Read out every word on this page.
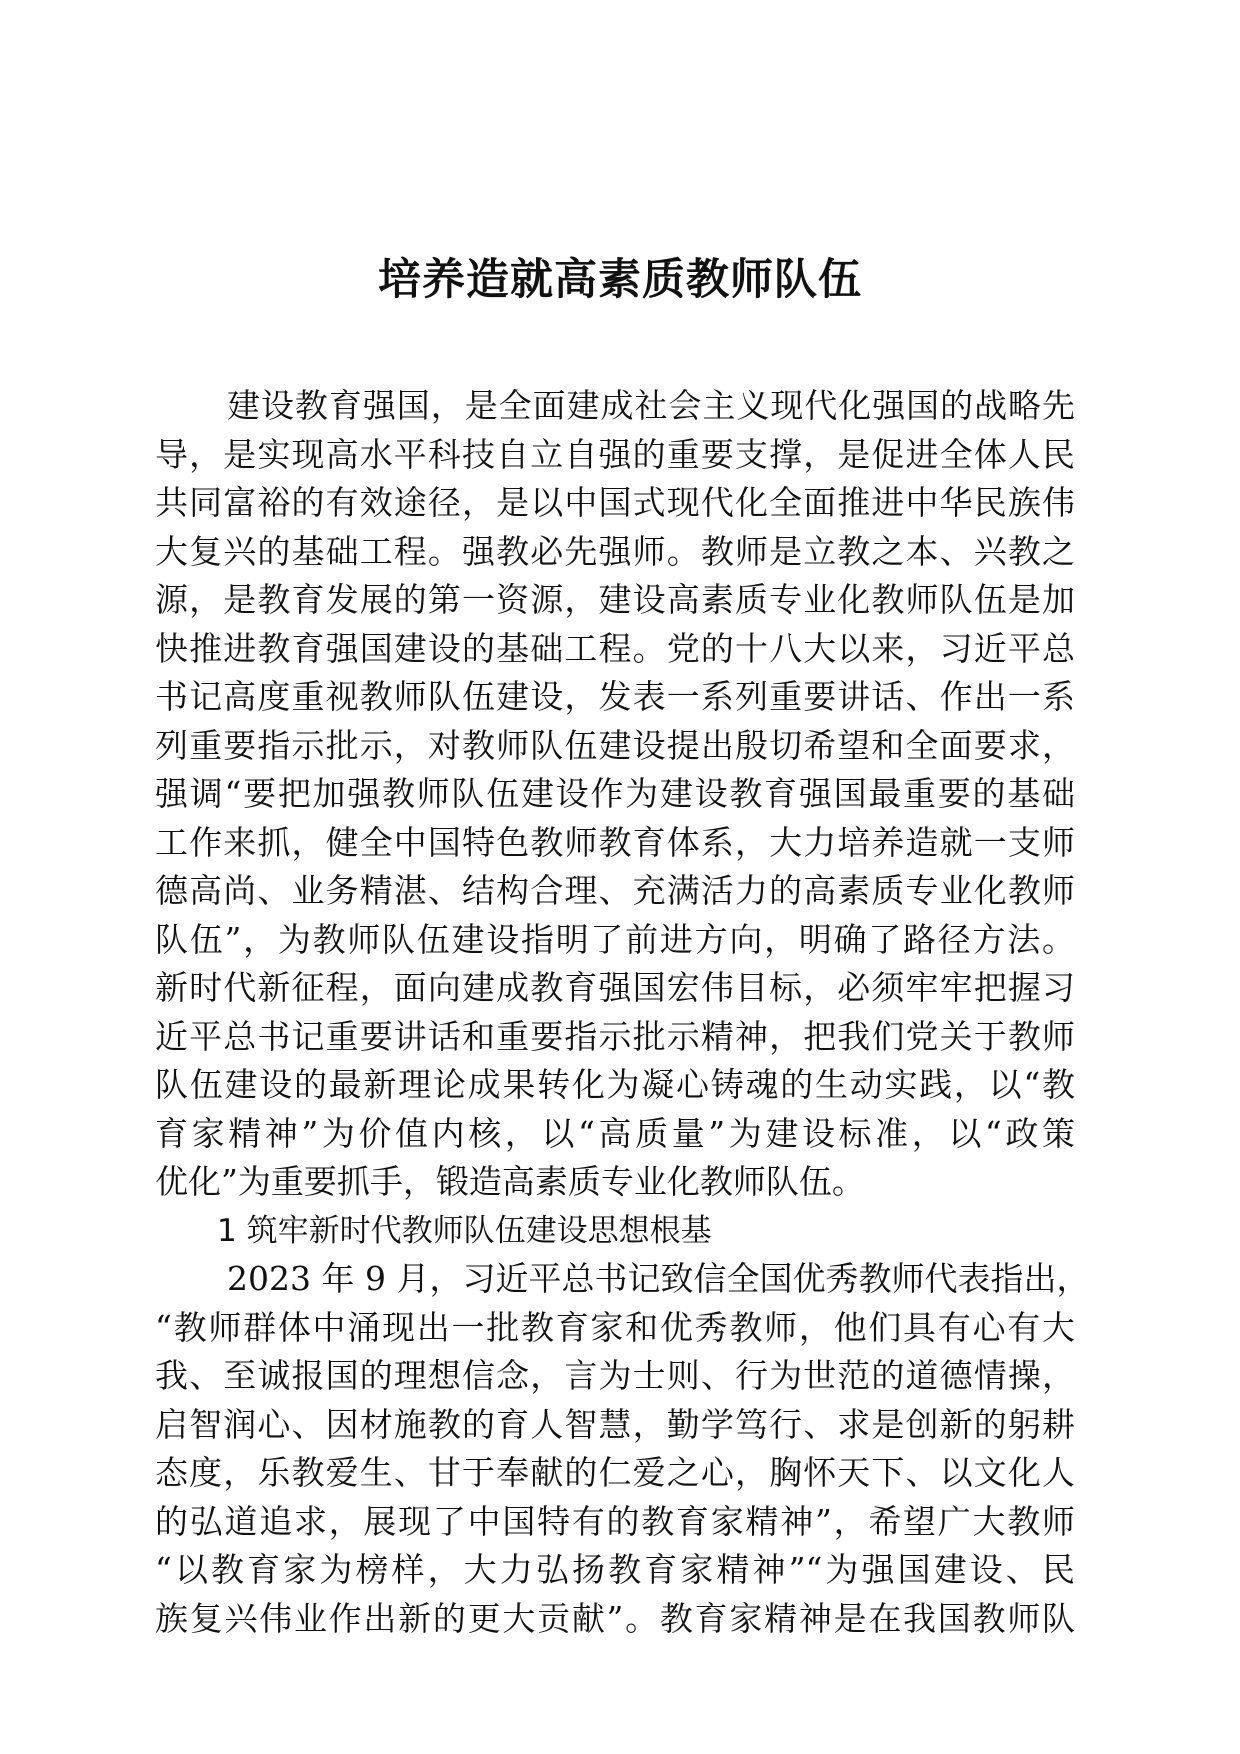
培养造就高素质教师队伍
建设教育强国，是全面建成社会主义现代化强国的战略先
导，是实现高水平科技自立自强的重要支撑，是促进全体人民
共同富裕的有效途径，是以中国式现代化全面推进中华民族伟
大复兴的基础工程。强教必先强师。教师是立教之本、兴教之
源，是教育发展的第一资源，建设高素质专业化教师队伍是加
快推进教育强国建设的基础工程。党的十八大以来，习近平总
书记高度重视教师队伍建设，发表一系列重要讲话、作出一系
列重要指示批示，对教师队伍建设提出殷切希望和全面要求，
强调“要把加强教师队伍建设作为建设教育强国最重要的基础
工作来抓，健全中国特色教师教育体系，大力培养造就一支师
德高尚、业务精湛、结构合理、充满活力的高素质专业化教师
队伍”，为教师队伍建设指明了前进方向，明确了路径方法。
新时代新征程，面向建成教育强国宏伟目标，必须牢牢把握习
近平总书记重要讲话和重要指示批示精神，把我们党关于教师
队伍建设的最新理论成果转化为凝心铸魂的生动实践，以“教
育家精神”为价值内核，以“高质量”为建设标准，以“政策
优化”为重要抓手，锻造高素质专业化教师队伍。
1 筑牢新时代教师队伍建设思想根基
2023 年 9 月，习近平总书记致信全国优秀教师代表指出，
“教师群体中涌现出一批教育家和优秀教师，他们具有心有大
我、至诚报国的理想信念，言为士则、行为世范的道德情操，
启智润心、因材施教的育人智慧，勤学笃行、求是创新的躬耕
态度，乐教爱生、甘于奉献的仁爱之心，胸怀天下、以文化人
的弘道追求，展现了中国特有的教育家精神”，希望广大教师
“以教育家为榜样，大力弘扬教育家精神”“为强国建设、民
族复兴伟业作出新的更大贡献”。教育家精神是在我国教师队
